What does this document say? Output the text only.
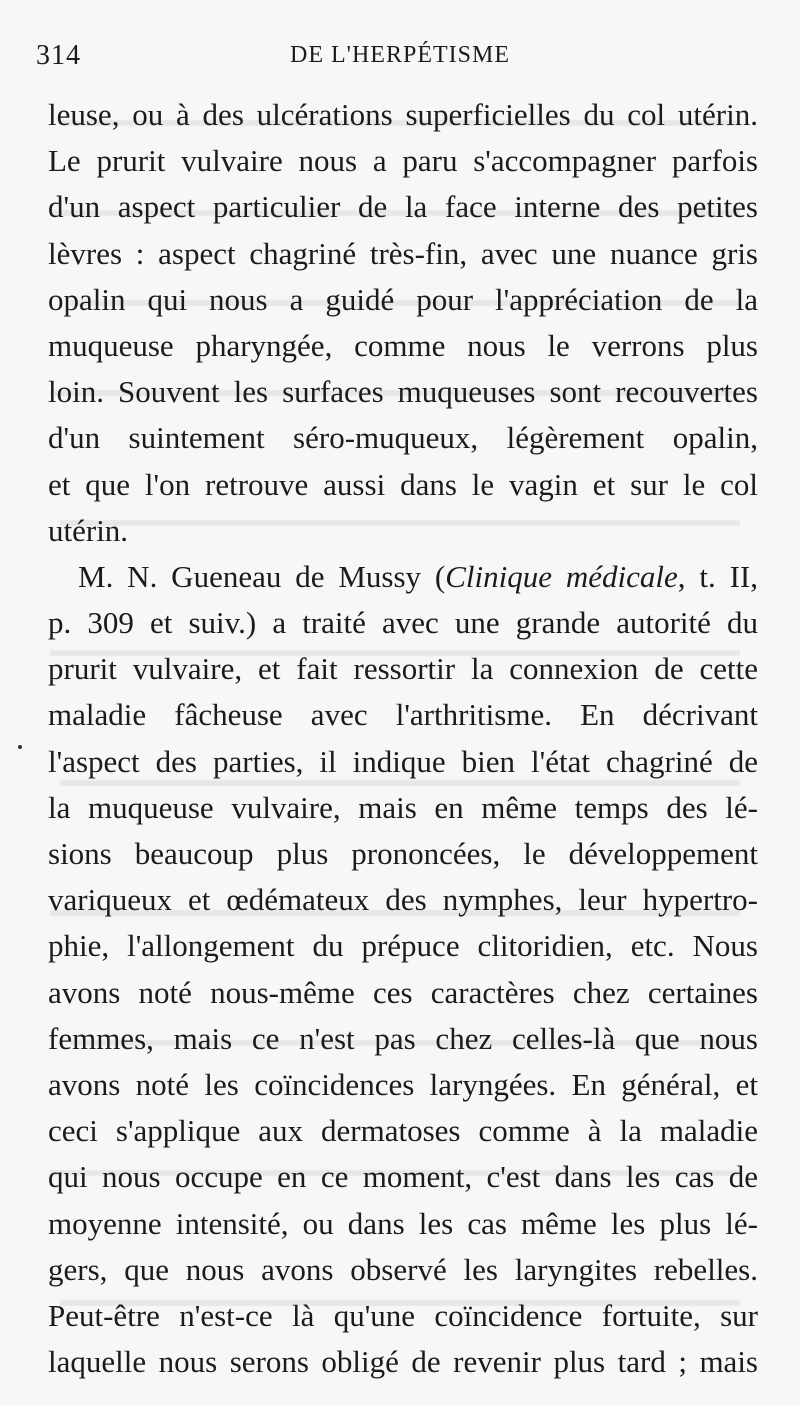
314	DE L'HERPÉTISME
leuse, ou à des ulcérations superficielles du col utérin.
Le prurit vulvaire nous a paru s'accompagner parfois
d'un aspect particulier de la face interne des petites
lèvres : aspect chagriné très-fin, avec une nuance gris
opalin qui nous a guidé pour l'appréciation de la
muqueuse pharyngée, comme nous le verrons plus
loin. Souvent les surfaces muqueuses sont recouvertes
d'un suintement séro-muqueux, légèrement opalin,
et que l'on retrouve aussi dans le vagin et sur le col
utérin.
M. N. Gueneau de Mussy (Clinique médicale, t. II,
p. 309 et suiv.) a traité avec une grande autorité du
prurit vulvaire, et fait ressortir la connexion de cette
maladie fâcheuse avec l'arthritisme. En décrivant
l'aspect des parties, il indique bien l'état chagriné de
la muqueuse vulvaire, mais en même temps des lé-
sions beaucoup plus prononcées, le développement
variqueux et œdémateux des nymphes, leur hypertro-
phie, l'allongement du prépuce clitoridien, etc. Nous
avons noté nous-même ces caractères chez certaines
femmes, mais ce n'est pas chez celles-là que nous
avons noté les coïncidences laryngées. En général, et
ceci s'applique aux dermatoses comme à la maladie
qui nous occupe en ce moment, c'est dans les cas de
moyenne intensité, ou dans les cas même les plus lé-
gers, que nous avons observé les laryngites rebelles.
Peut-être n'est-ce là qu'une coïncidence fortuite, sur
laquelle nous serons obligé de revenir plus tard ; mais
